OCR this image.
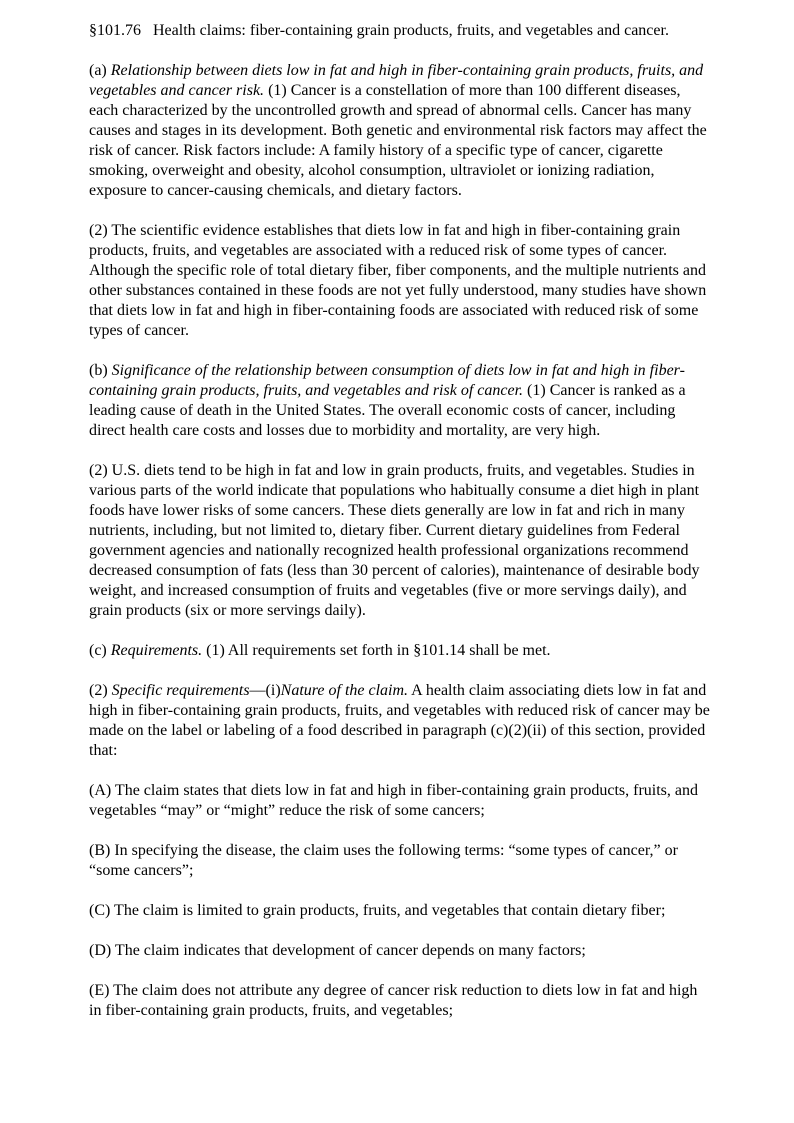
§101.76 Health claims: fiber-containing grain products, fruits, and vegetables and cancer.

(a) Relationship between diets low in fat and high in fiber-containing grain products, fruits, and vegetables and cancer risk. (1) Cancer is a constellation of more than 100 different diseases, each characterized by the uncontrolled growth and spread of abnormal cells. Cancer has many causes and stages in its development. Both genetic and environmental risk factors may affect the risk of cancer. Risk factors include: A family history of a specific type of cancer, cigarette smoking, overweight and obesity, alcohol consumption, ultraviolet or ionizing radiation, exposure to cancer-causing chemicals, and dietary factors.

(2) The scientific evidence establishes that diets low in fat and high in fiber-containing grain products, fruits, and vegetables are associated with a reduced risk of some types of cancer. Although the specific role of total dietary fiber, fiber components, and the multiple nutrients and other substances contained in these foods are not yet fully understood, many studies have shown that diets low in fat and high in fiber-containing foods are associated with reduced risk of some types of cancer.

(b) Significance of the relationship between consumption of diets low in fat and high in fiber-containing grain products, fruits, and vegetables and risk of cancer. (1) Cancer is ranked as a leading cause of death in the United States. The overall economic costs of cancer, including direct health care costs and losses due to morbidity and mortality, are very high.

(2) U.S. diets tend to be high in fat and low in grain products, fruits, and vegetables. Studies in various parts of the world indicate that populations who habitually consume a diet high in plant foods have lower risks of some cancers. These diets generally are low in fat and rich in many nutrients, including, but not limited to, dietary fiber. Current dietary guidelines from Federal government agencies and nationally recognized health professional organizations recommend decreased consumption of fats (less than 30 percent of calories), maintenance of desirable body weight, and increased consumption of fruits and vegetables (five or more servings daily), and grain products (six or more servings daily).

(c) Requirements. (1) All requirements set forth in §101.14 shall be met.

(2) Specific requirements—(i)Nature of the claim. A health claim associating diets low in fat and high in fiber-containing grain products, fruits, and vegetables with reduced risk of cancer may be made on the label or labeling of a food described in paragraph (c)(2)(ii) of this section, provided that:

(A) The claim states that diets low in fat and high in fiber-containing grain products, fruits, and vegetables “may” or “might” reduce the risk of some cancers;

(B) In specifying the disease, the claim uses the following terms: “some types of cancer,” or “some cancers”;

(C) The claim is limited to grain products, fruits, and vegetables that contain dietary fiber;

(D) The claim indicates that development of cancer depends on many factors;

(E) The claim does not attribute any degree of cancer risk reduction to diets low in fat and high in fiber-containing grain products, fruits, and vegetables;
